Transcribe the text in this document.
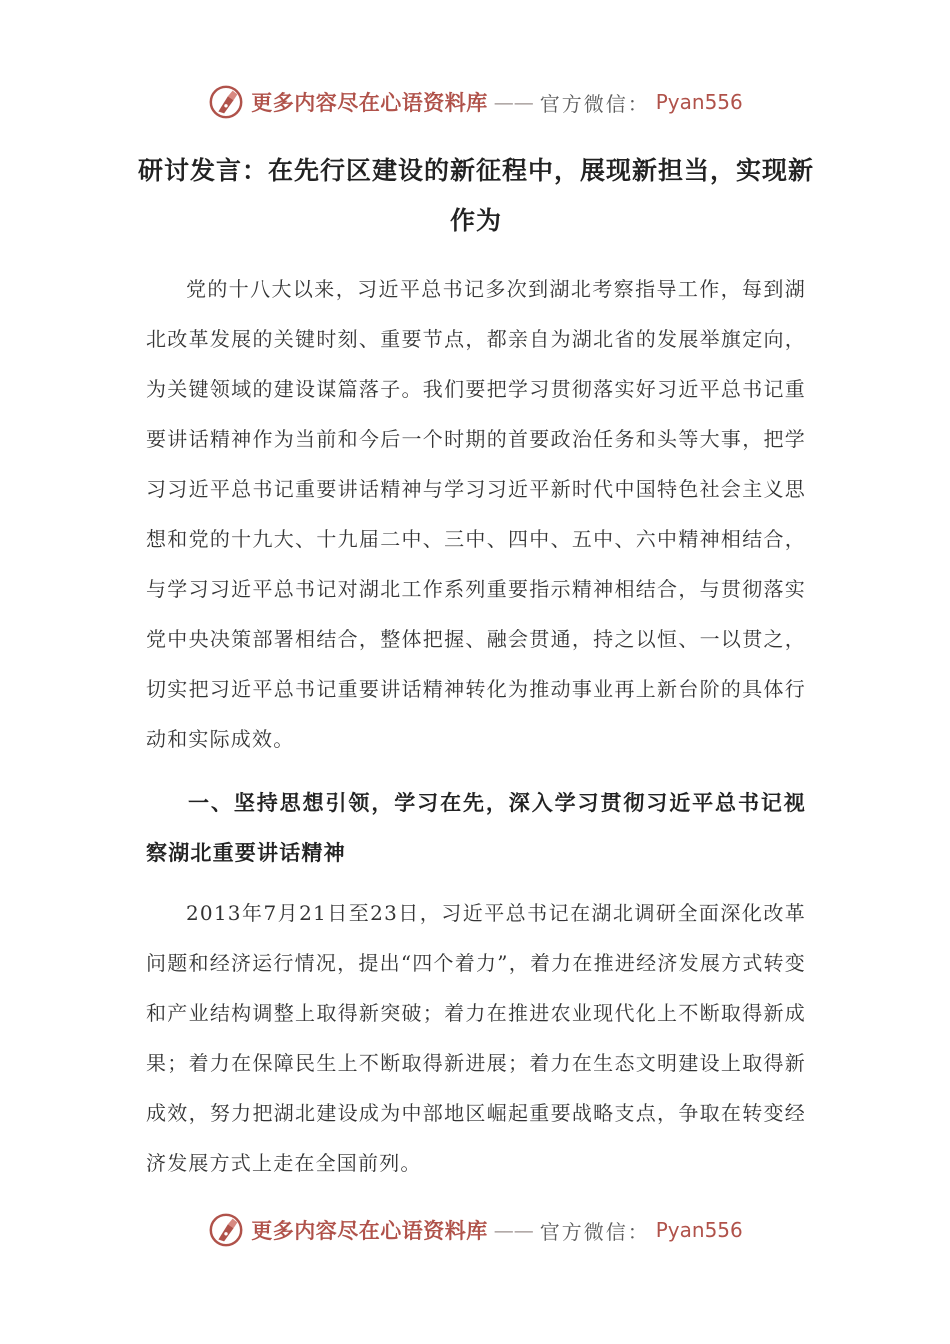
更多内容尽在心语资料库 —— 官方微信： Pyan556
研讨发言：在先行区建设的新征程中，展现新担当，实现新作为

党的十八大以来，习近平总书记多次到湖北考察指导工作，每到湖北改革发展的关键时刻、重要节点，都亲自为湖北省的发展举旗定向，为关键领域的建设谋篇落子。我们要把学习贯彻落实好习近平总书记重要讲话精神作为当前和今后一个时期的首要政治任务和头等大事，把学习习近平总书记重要讲话精神与学习习近平新时代中国特色社会主义思想和党的十九大、十九届二中、三中、四中、五中、六中精神相结合，与学习习近平总书记对湖北工作系列重要指示精神相结合，与贯彻落实党中央决策部署相结合，整体把握、融会贯通，持之以恒、一以贯之，切实把习近平总书记重要讲话精神转化为推动事业再上新台阶的具体行动和实际成效。

一、坚持思想引领，学习在先，深入学习贯彻习近平总书记视察湖北重要讲话精神

2013年7月21日至23日，习近平总书记在湖北调研全面深化改革问题和经济运行情况，提出“四个着力”，着力在推进经济发展方式转变和产业结构调整上取得新突破；着力在推进农业现代化上不断取得新成果；着力在保障民生上不断取得新进展；着力在生态文明建设上取得新成效，努力把湖北建设成为中部地区崛起重要战略支点，争取在转变经济发展方式上走在全国前列。

更多内容尽在心语资料库 —— 官方微信： Pyan556
